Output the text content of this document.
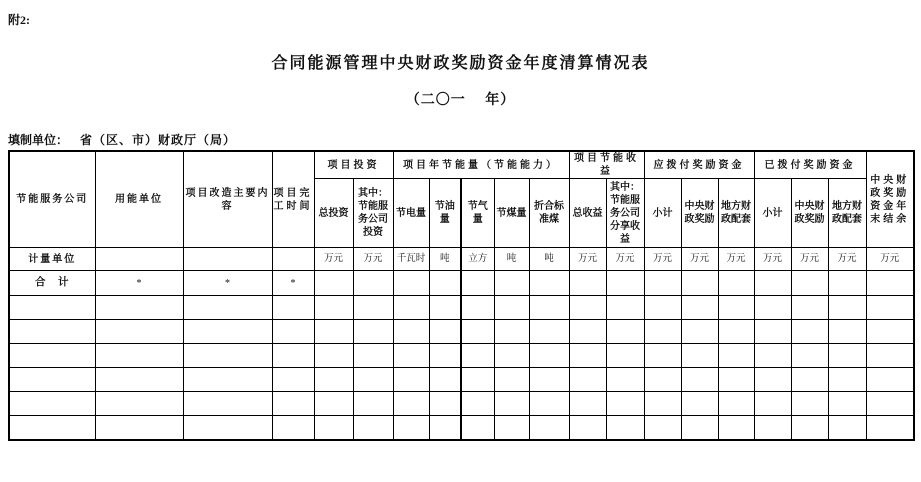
附2:
合同能源管理中央财政奖励资金年度清算情况表
（二〇一　 年）
填制单位： 省（区、市）财政厅（局）
节能服务公司	用能单位	项目改造主要内容	项目完工时间	项目投资		项目年节能量（节能能力）					项目节能收益		应拨付奖励资金			已拨付奖励资金			中央财政奖励资金年末结余
				总投资	其中：节能服务公司投资	节电量	节油量	节气量	节煤量	折合标准煤	总收益	其中：节能服务公司分享收益	小计	中央财政奖励	地方财政配套	小计	中央财政奖励	地方财政配套	
计量单位				万元	万元	千瓦时	吨	立方	吨	吨	万元	万元	万元	万元	万元	万元	万元	万元	万元
合　计	*	*	*																
